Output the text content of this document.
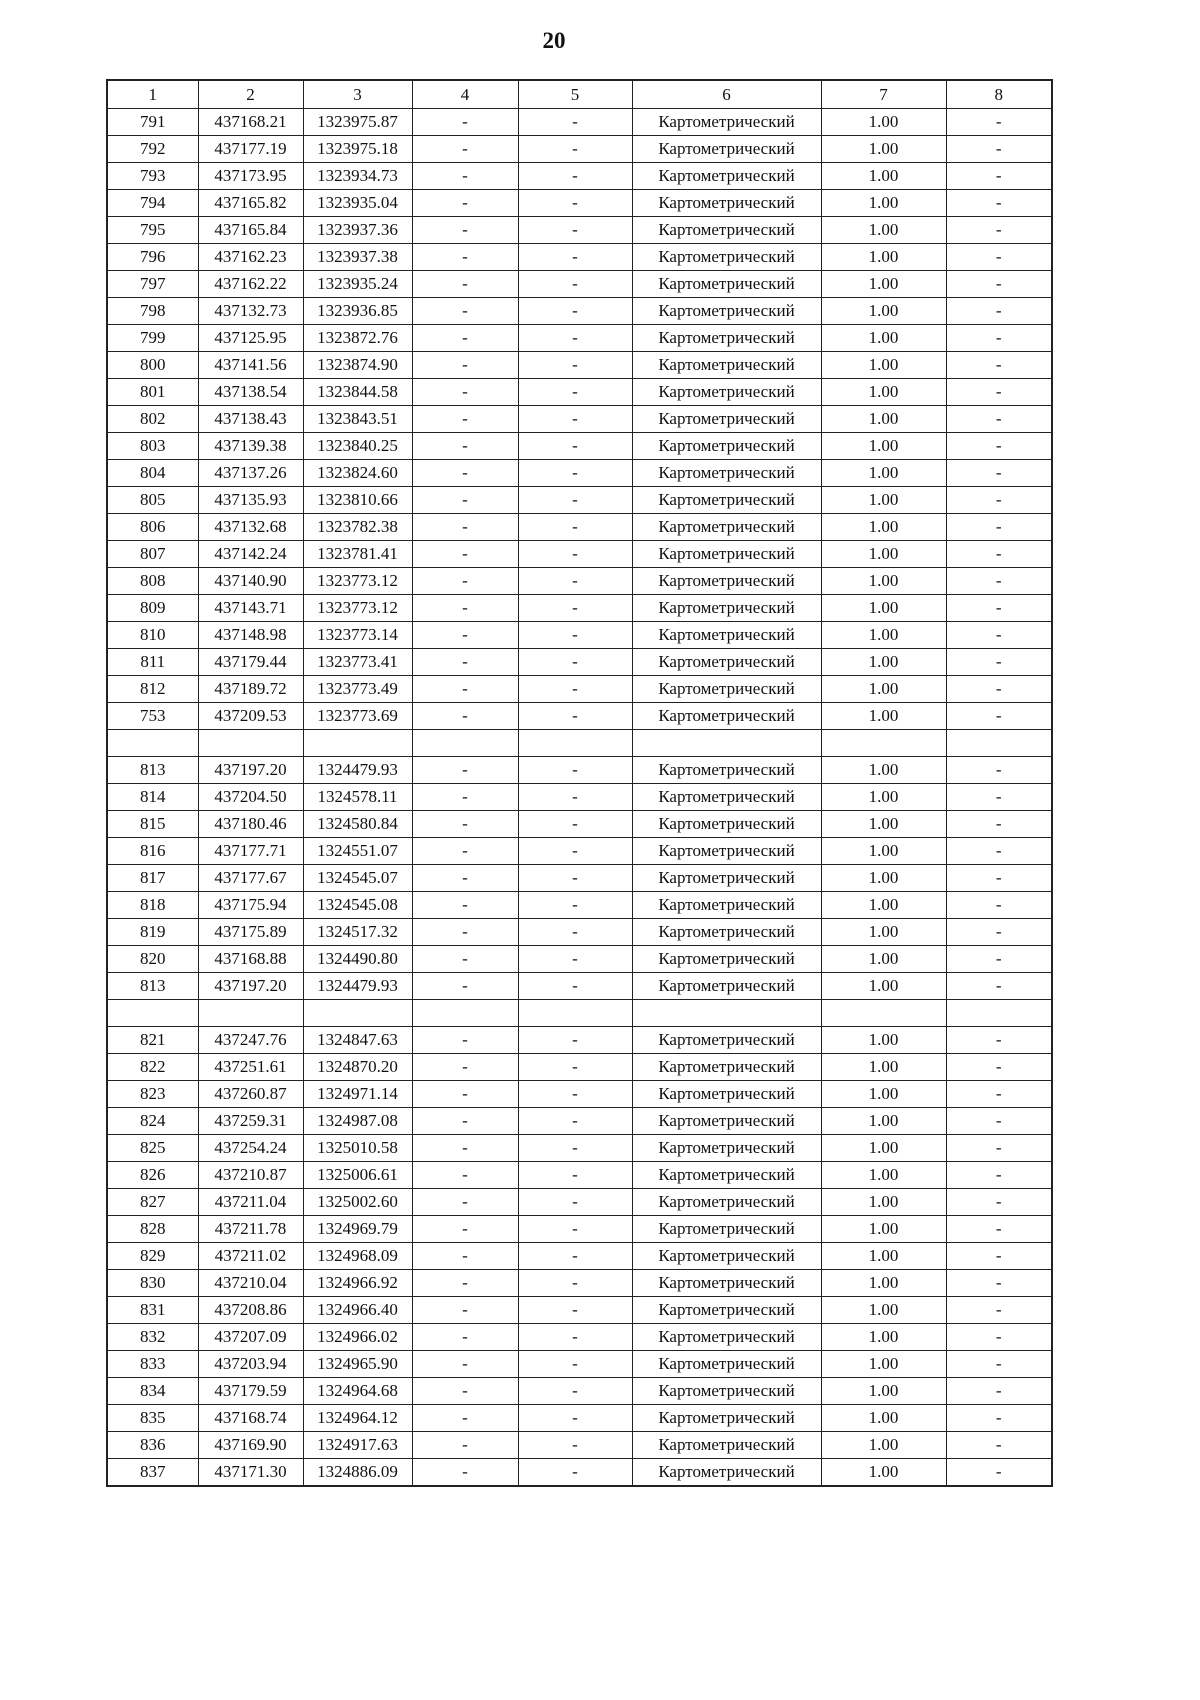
20
1	2	3	4	5	6	7	8
791	437168.21	1323975.87	-	-	Картометрический	1.00	-
792	437177.19	1323975.18	-	-	Картометрический	1.00	-
793	437173.95	1323934.73	-	-	Картометрический	1.00	-
794	437165.82	1323935.04	-	-	Картометрический	1.00	-
795	437165.84	1323937.36	-	-	Картометрический	1.00	-
796	437162.23	1323937.38	-	-	Картометрический	1.00	-
797	437162.22	1323935.24	-	-	Картометрический	1.00	-
798	437132.73	1323936.85	-	-	Картометрический	1.00	-
799	437125.95	1323872.76	-	-	Картометрический	1.00	-
800	437141.56	1323874.90	-	-	Картометрический	1.00	-
801	437138.54	1323844.58	-	-	Картометрический	1.00	-
802	437138.43	1323843.51	-	-	Картометрический	1.00	-
803	437139.38	1323840.25	-	-	Картометрический	1.00	-
804	437137.26	1323824.60	-	-	Картометрический	1.00	-
805	437135.93	1323810.66	-	-	Картометрический	1.00	-
806	437132.68	1323782.38	-	-	Картометрический	1.00	-
807	437142.24	1323781.41	-	-	Картометрический	1.00	-
808	437140.90	1323773.12	-	-	Картометрический	1.00	-
809	437143.71	1323773.12	-	-	Картометрический	1.00	-
810	437148.98	1323773.14	-	-	Картометрический	1.00	-
811	437179.44	1323773.41	-	-	Картометрический	1.00	-
812	437189.72	1323773.49	-	-	Картометрический	1.00	-
753	437209.53	1323773.69	-	-	Картометрический	1.00	-

813	437197.20	1324479.93	-	-	Картометрический	1.00	-
814	437204.50	1324578.11	-	-	Картометрический	1.00	-
815	437180.46	1324580.84	-	-	Картометрический	1.00	-
816	437177.71	1324551.07	-	-	Картометрический	1.00	-
817	437177.67	1324545.07	-	-	Картометрический	1.00	-
818	437175.94	1324545.08	-	-	Картометрический	1.00	-
819	437175.89	1324517.32	-	-	Картометрический	1.00	-
820	437168.88	1324490.80	-	-	Картометрический	1.00	-
813	437197.20	1324479.93	-	-	Картометрический	1.00	-

821	437247.76	1324847.63	-	-	Картометрический	1.00	-
822	437251.61	1324870.20	-	-	Картометрический	1.00	-
823	437260.87	1324971.14	-	-	Картометрический	1.00	-
824	437259.31	1324987.08	-	-	Картометрический	1.00	-
825	437254.24	1325010.58	-	-	Картометрический	1.00	-
826	437210.87	1325006.61	-	-	Картометрический	1.00	-
827	437211.04	1325002.60	-	-	Картометрический	1.00	-
828	437211.78	1324969.79	-	-	Картометрический	1.00	-
829	437211.02	1324968.09	-	-	Картометрический	1.00	-
830	437210.04	1324966.92	-	-	Картометрический	1.00	-
831	437208.86	1324966.40	-	-	Картометрический	1.00	-
832	437207.09	1324966.02	-	-	Картометрический	1.00	-
833	437203.94	1324965.90	-	-	Картометрический	1.00	-
834	437179.59	1324964.68	-	-	Картометрический	1.00	-
835	437168.74	1324964.12	-	-	Картометрический	1.00	-
836	437169.90	1324917.63	-	-	Картометрический	1.00	-
837	437171.30	1324886.09	-	-	Картометрический	1.00	-
